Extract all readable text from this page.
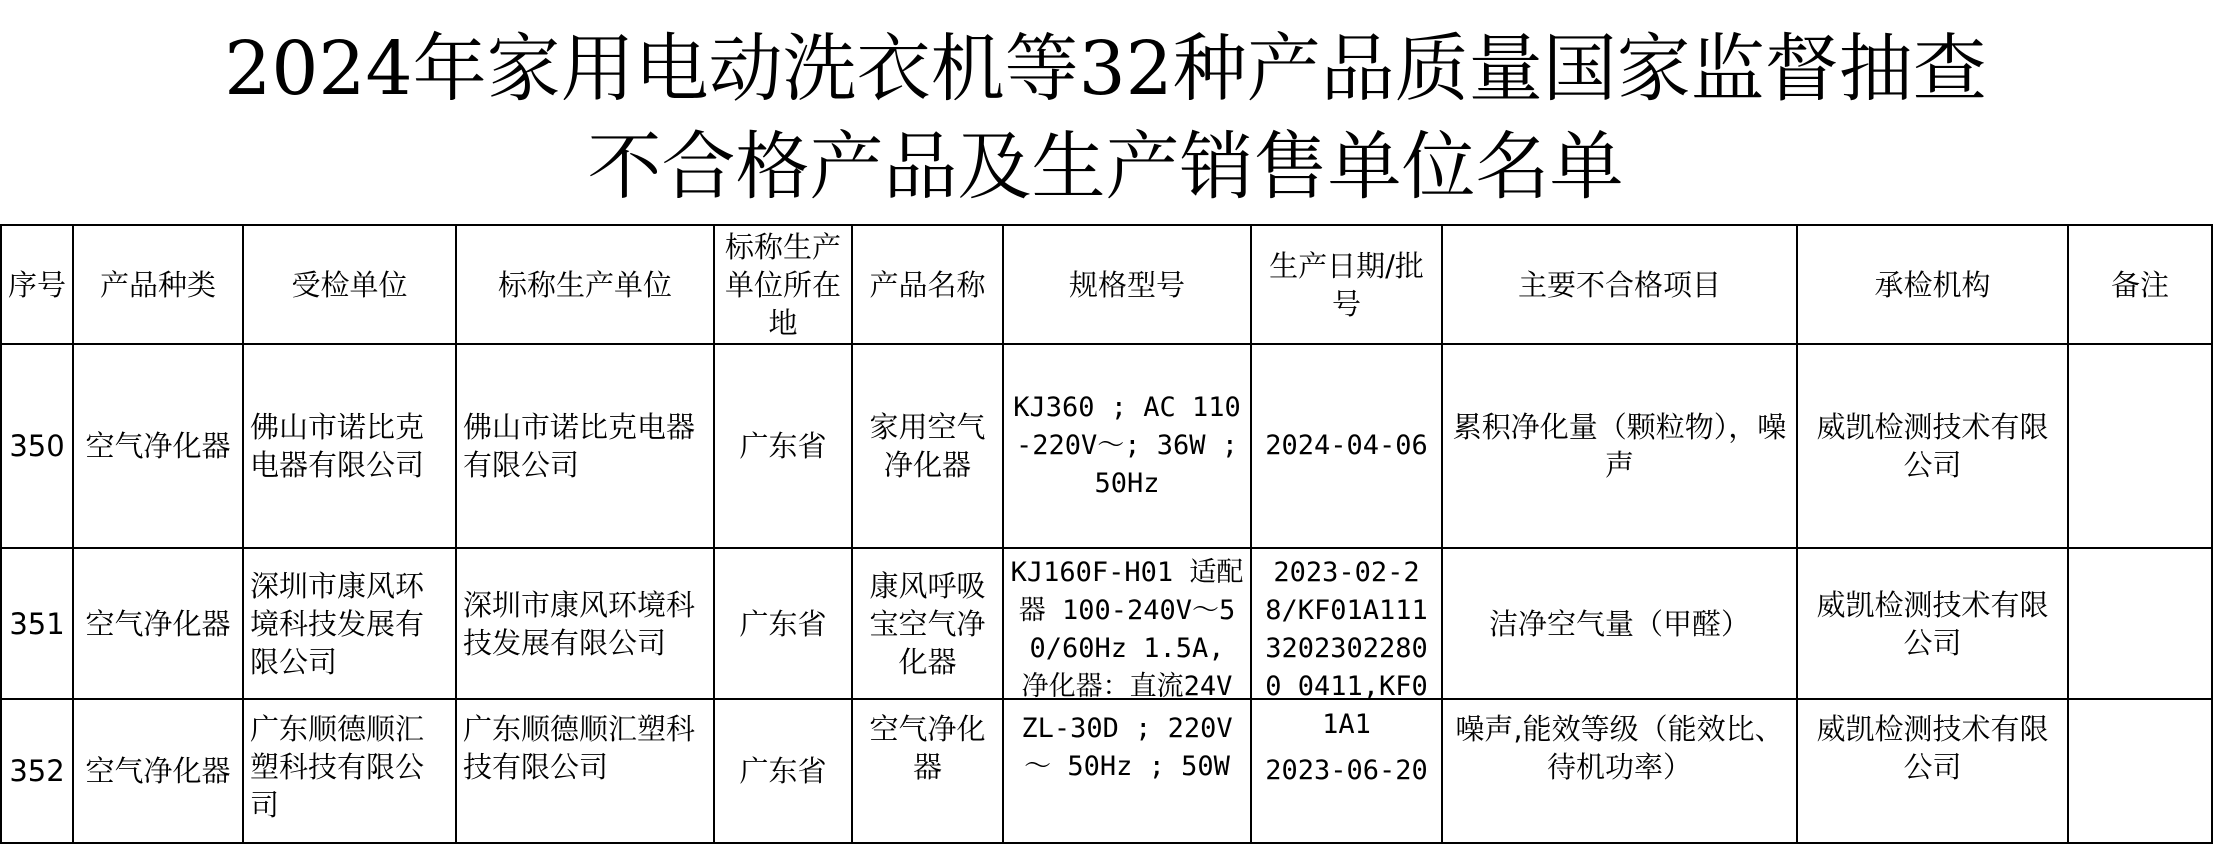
2024年家用电动洗衣机等32种产品质量国家监督抽查
不合格产品及生产销售单位名单
序号	产品种类	受检单位	标称生产单位	标称生产单位所在地	产品名称	规格型号	生产日期/批号	主要不合格项目	承检机构	备注
350	空气净化器	佛山市诺比克电器有限公司	佛山市诺比克电器有限公司	广东省	家用空气净化器	KJ360 ; AC 110-220V～; 36W ; 50Hz	2024-04-06	累积净化量（颗粒物），噪声	威凯检测技术有限公司	
351	空气净化器	深圳市康风环境科技发展有限公司	深圳市康风环境科技发展有限公司	广东省	康风呼吸宝空气净化器	KJ160F-H01 适配器 100-240V～50/60Hz 1.5A, 净化器：直流24V	2023-02-28/KF01A11132023022800 0411,KF01A1	洁净空气量（甲醛）	威凯检测技术有限公司	
352	空气净化器	广东顺德顺汇塑科技有限公司	广东顺德顺汇塑科技有限公司	广东省	空气净化器	ZL-30D ; 220V ～ 50Hz ; 50W	2023-06-20	噪声,能效等级（能效比、待机功率）	威凯检测技术有限公司	
